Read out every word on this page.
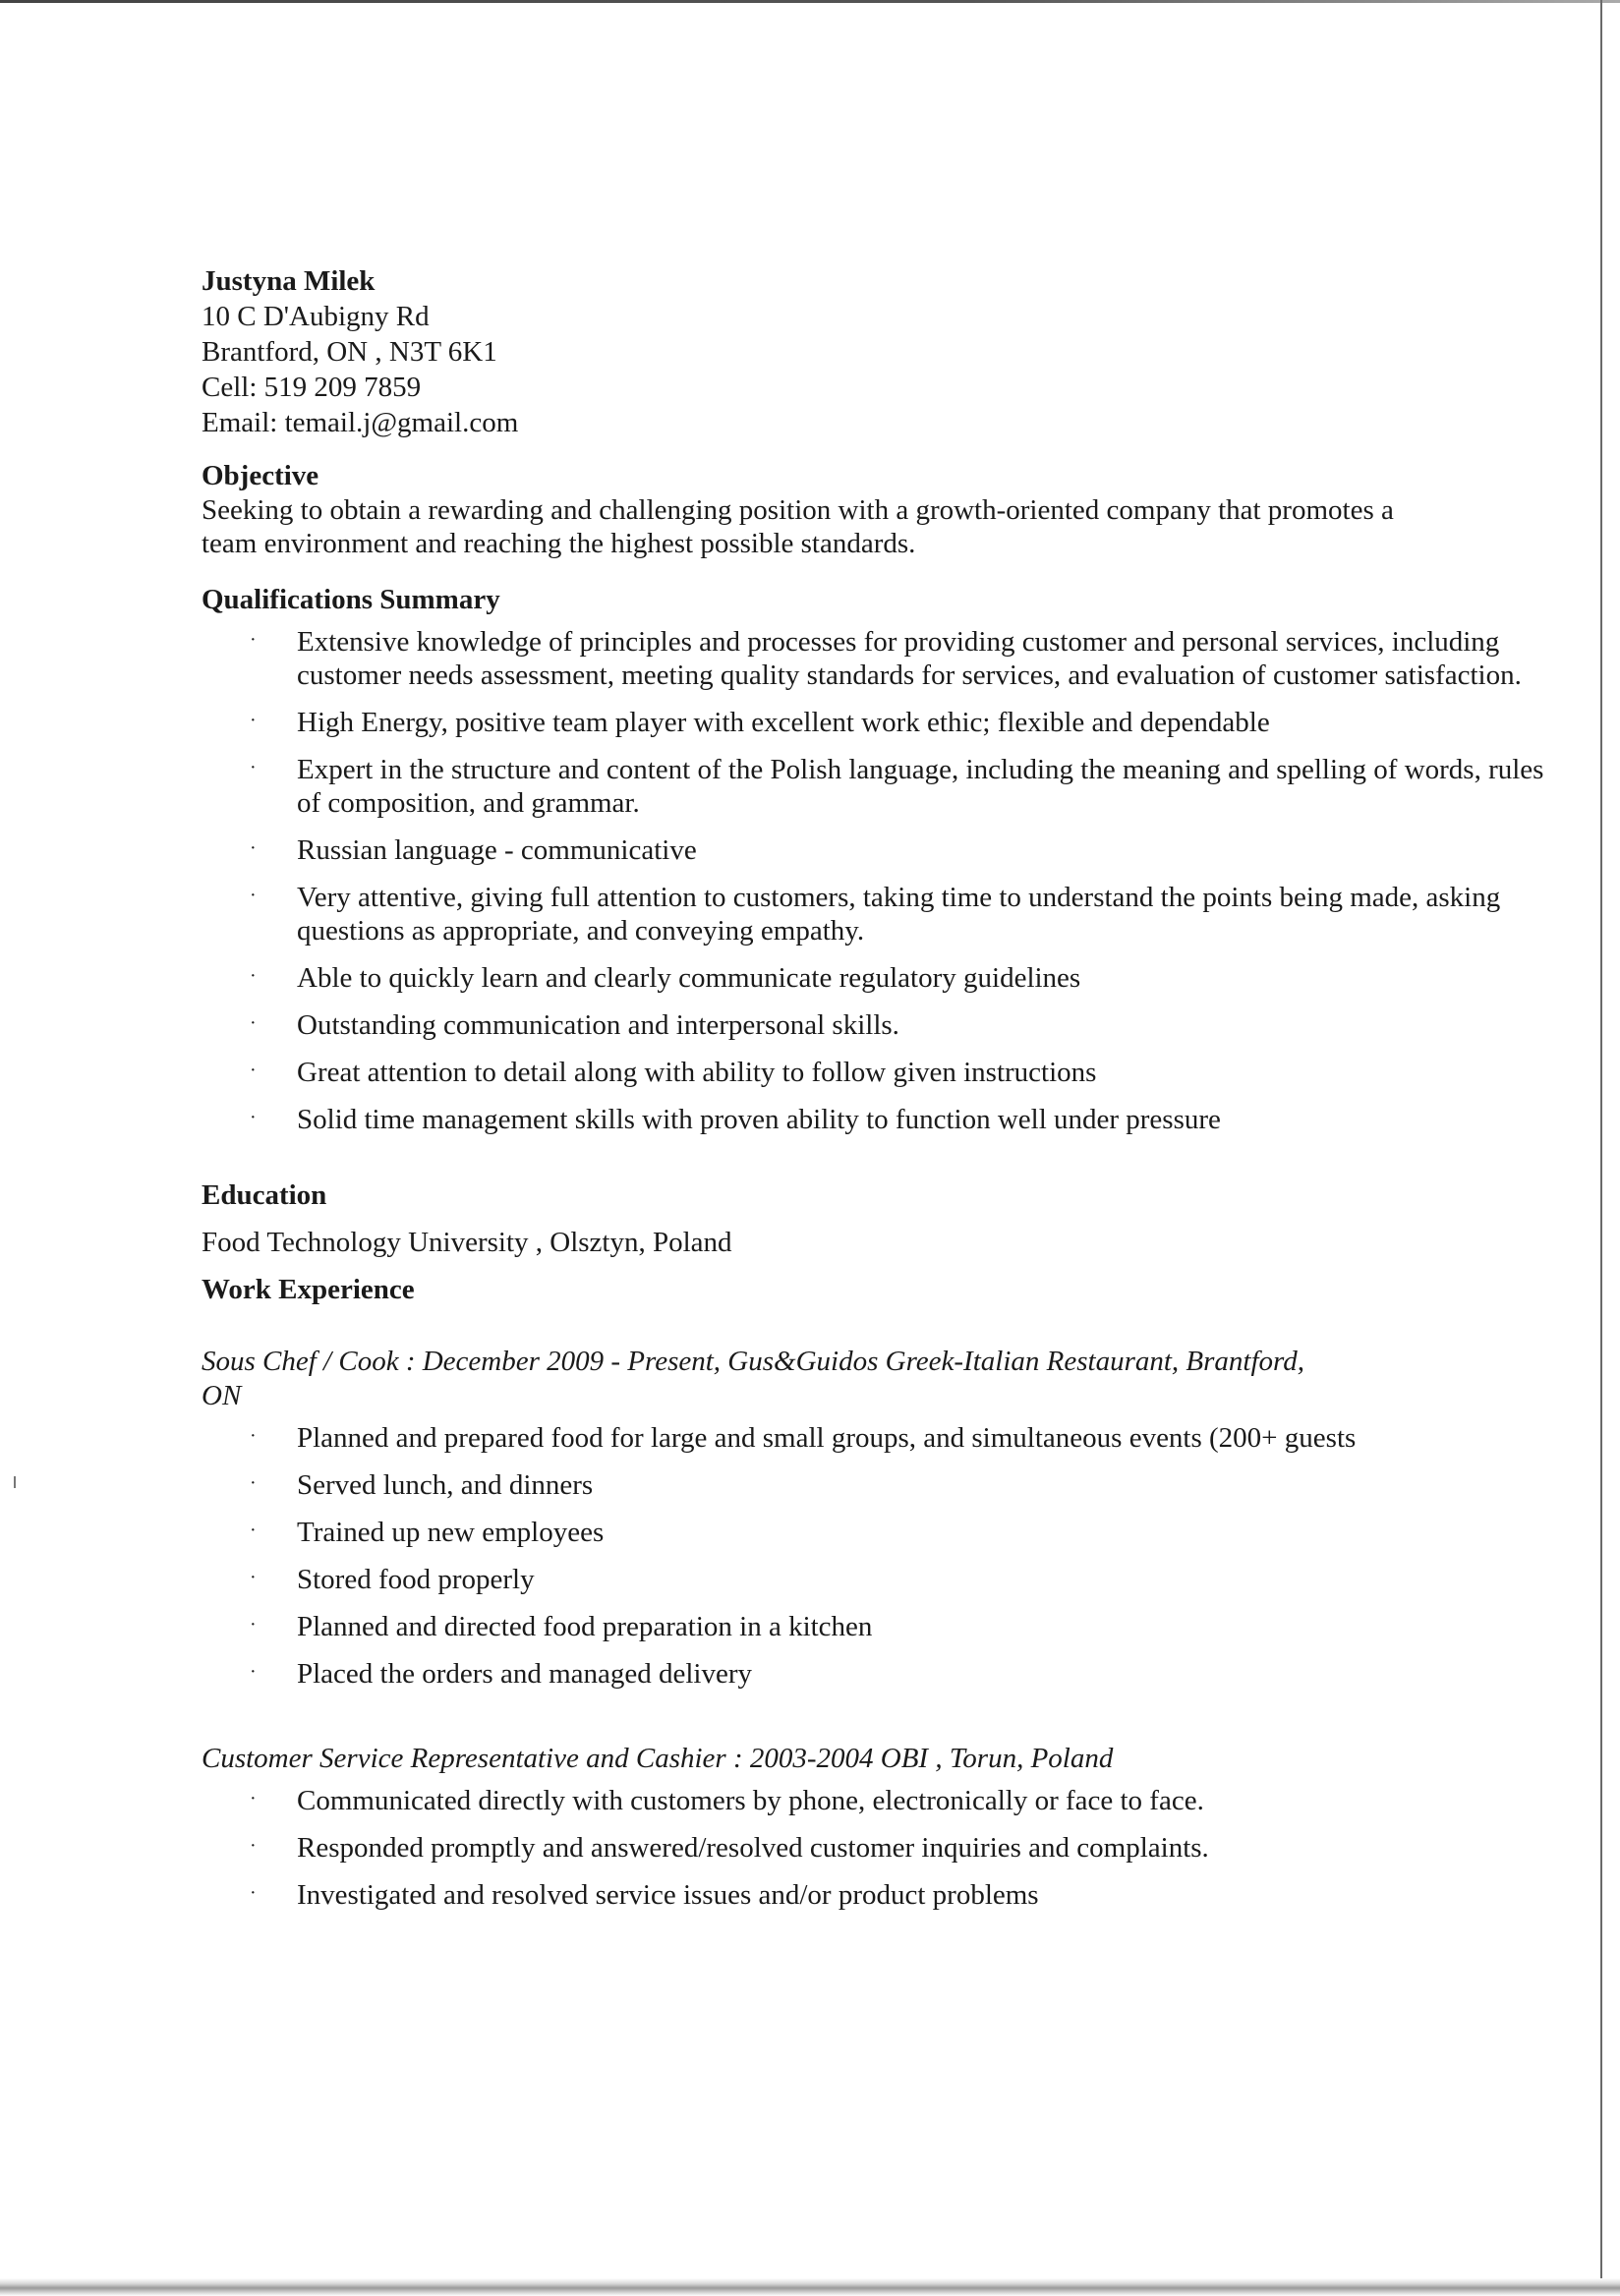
Justyna Milek
10 C D'Aubigny Rd
Brantford, ON , N3T 6K1
Cell: 519 209 7859
Email: temail.j@gmail.com
Objective
Seeking to obtain a rewarding and challenging position with a growth-oriented company that promotes a team environment and reaching the highest possible standards.
Qualifications Summary
· Extensive knowledge of principles and processes for providing customer and personal services, including customer needs assessment, meeting quality standards for services, and evaluation of customer satisfaction.
· High Energy, positive team player with excellent work ethic; flexible and dependable
· Expert in the structure and content of the Polish language, including the meaning and spelling of words, rules of composition, and grammar.
· Russian language - communicative
· Very attentive, giving full attention to customers, taking time to understand the points being made, asking questions as appropriate, and conveying empathy.
· Able to quickly learn and clearly communicate regulatory guidelines
· Outstanding communication and interpersonal skills.
· Great attention to detail along with ability to follow given instructions
· Solid time management skills with proven ability to function well under pressure
Education
Food Technology University , Olsztyn, Poland
Work Experience
Sous Chef / Cook : December 2009 - Present, Gus&Guidos Greek-Italian Restaurant, Brantford, ON
· Planned and prepared food for large and small groups, and simultaneous events (200+ guests
· Served lunch, and dinners
· Trained up new employees
· Stored food properly
· Planned and directed food preparation in a kitchen
· Placed the orders and managed delivery
Customer Service Representative and Cashier : 2003-2004 OBI , Torun, Poland
· Communicated directly with customers by phone, electronically or face to face.
· Responded promptly and answered/resolved customer inquiries and complaints.
· Investigated and resolved service issues and/or product problems
